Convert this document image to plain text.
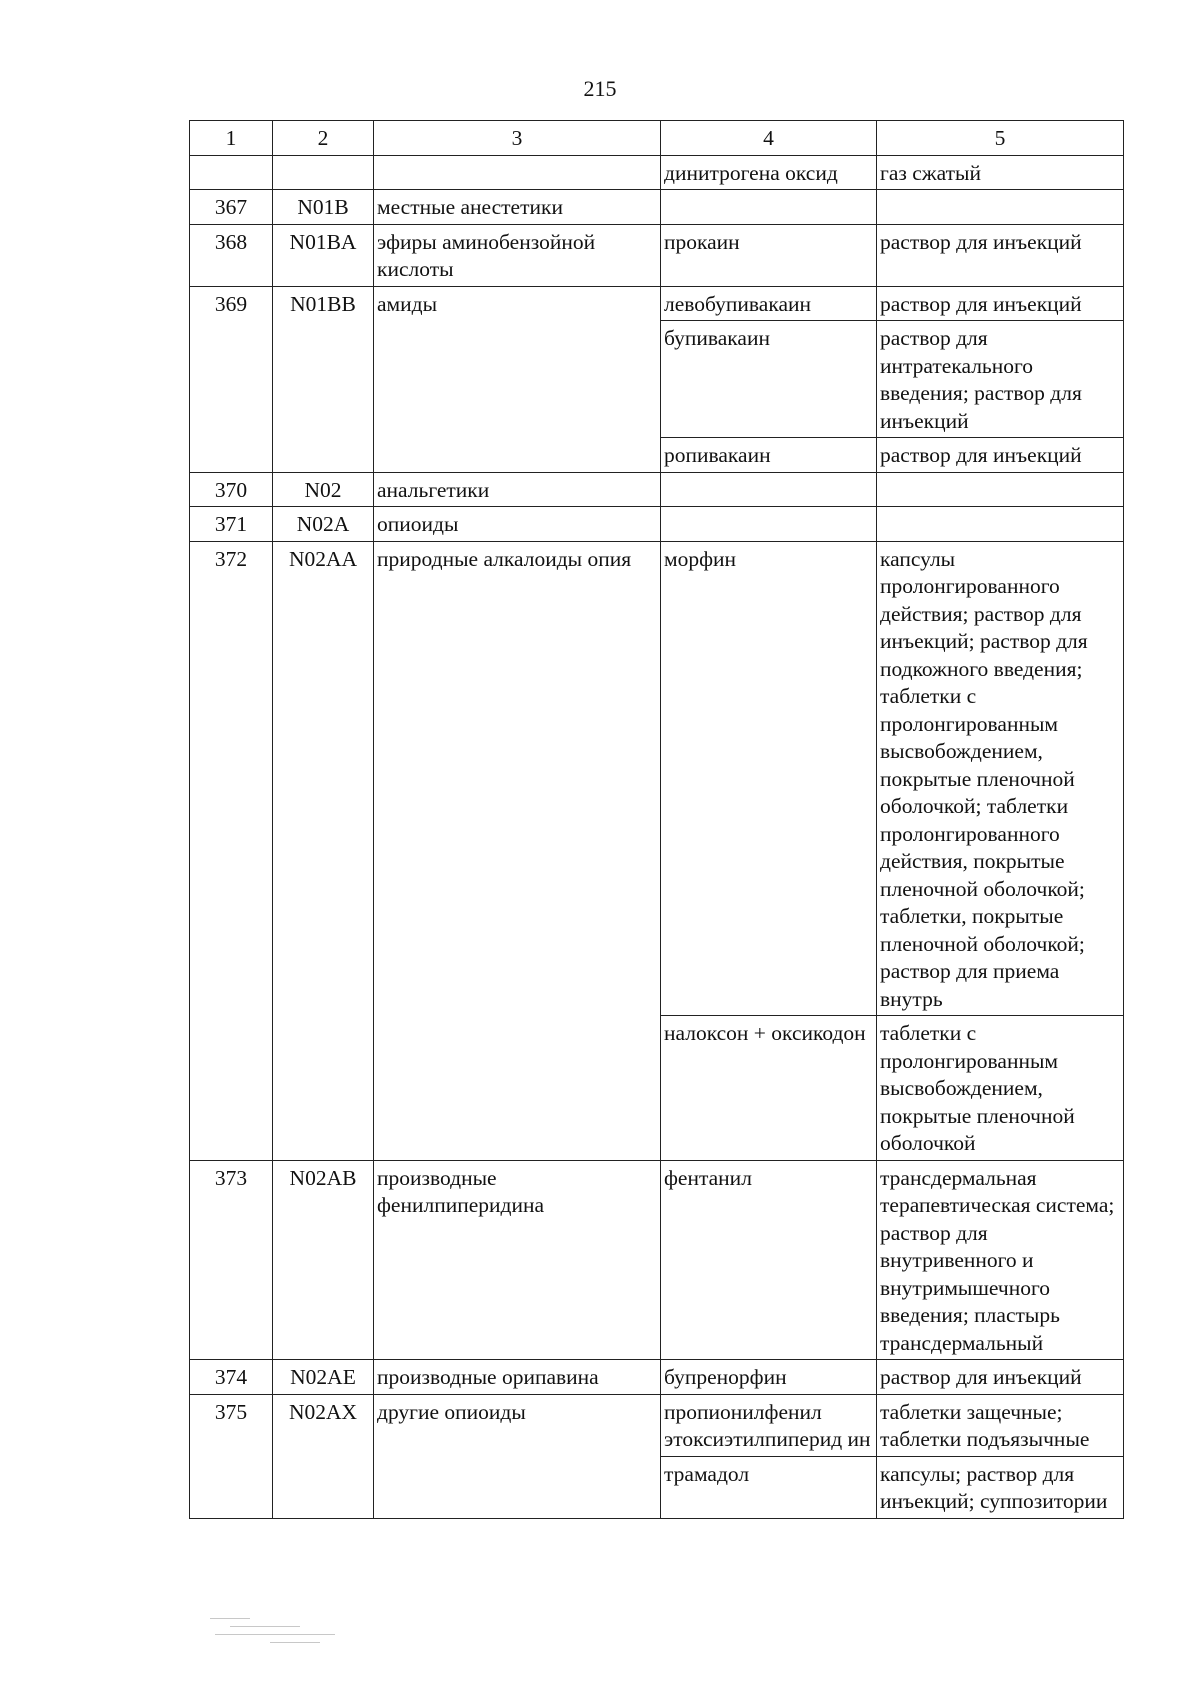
215
1	2	3	4	5
			динитрогена оксид	газ сжатый
367	N01B	местные анестетики		
368	N01BA	эфиры аминобензойной кислоты	прокаин	раствор для инъекций
369	N01BB	амиды	левобупивакаин	раствор для инъекций
			бупивакаин	раствор для интратекального введения; раствор для инъекций
			ропивакаин	раствор для инъекций
370	N02	анальгетики		
371	N02A	опиоиды		
372	N02AA	природные алкалоиды опия	морфин	капсулы пролонгированного действия; раствор для инъекций; раствор для подкожного введения; таблетки с пролонгированным высвобождением, покрытые пленочной оболочкой; таблетки пролонгированного действия, покрытые пленочной оболочкой; таблетки, покрытые пленочной оболочкой; раствор для приема внутрь
			налоксон + оксикодон	таблетки с пролонгированным высвобождением, покрытые пленочной оболочкой
373	N02AB	производные фенилпиперидина	фентанил	трансдермальная терапевтическая система; раствор для внутривенного и внутримышечного введения; пластырь трансдермальный
374	N02AE	производные орипавина	бупренорфин	раствор для инъекций
375	N02AX	другие опиоиды	пропионилфенил этоксиэтилпиперид ин	таблетки защечные; таблетки подъязычные
			трамадол	капсулы; раствор для инъекций; суппозитории
